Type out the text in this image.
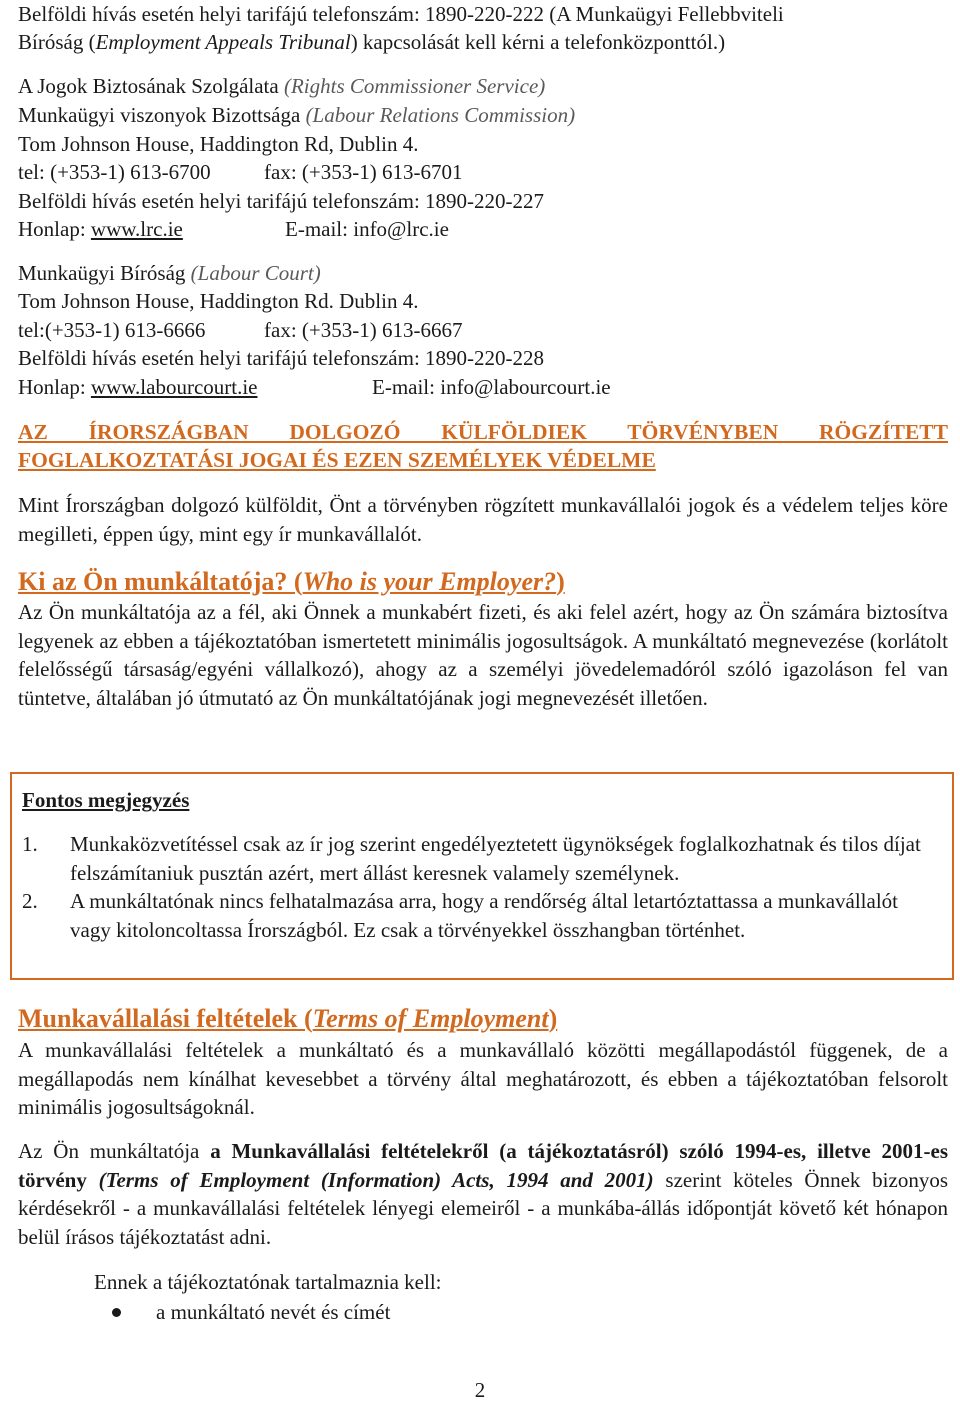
Belföldi hívás esetén helyi tarifájú telefonszám: 1890-220-222 (A Munkaügyi Fellebbviteli
Bíróság (Employment Appeals Tribunal) kapcsolását kell kérni a telefonközponttól.)
A Jogok Biztosának Szolgálata (Rights Commissioner Service)
Munkaügyi viszonyok Bizottsága (Labour Relations Commission)
Tom Johnson House, Haddington Rd, Dublin 4.
tel: (+353-1) 613-6700	fax: (+353-1) 613-6701
Belföldi hívás esetén helyi tarifájú telefonszám: 1890-220-227
Honlap: www.lrc.ie	E-mail: info@lrc.ie
Munkaügyi Bíróság (Labour Court)
Tom Johnson House, Haddington Rd. Dublin 4.
tel:(+353-1) 613-6666	fax: (+353-1) 613-6667
Belföldi hívás esetén helyi tarifájú telefonszám: 1890-220-228
Honlap: www.labourcourt.ie	E-mail: info@labourcourt.ie
AZ ÍRORSZÁGBAN DOLGOZÓ KÜLFÖLDIEK TÖRVÉNYBEN RÖGZÍTETT FOGLALKOZTATÁSI JOGAI ÉS EZEN SZEMÉLYEK VÉDELME
Mint Írországban dolgozó külföldit, Önt a törvényben rögzített munkavállalói jogok és a védelem teljes köre megilleti, éppen úgy, mint egy ír munkavállalót.
Ki az Ön munkáltatója? (Who is your Employer?)
Az Ön munkáltatója az a fél, aki Önnek a munkabért fizeti, és aki felel azért, hogy az Ön számára biztosítva legyenek az ebben a tájékoztatóban ismertetett minimális jogosultságok. A munkáltató megnevezése (korlátolt felelősségű társaság/egyéni vállalkozó), ahogy az a személyi jövedelemadóról szóló igazoláson fel van tüntetve, általában jó útmutató az Ön munkáltatójának jogi megnevezését illetően.
Munkavállalási feltételek (Terms of Employment)
A munkavállalási feltételek a munkáltató és a munkavállaló közötti megállapodástól függenek, de a megállapodás nem kínálhat kevesebbet a törvény által meghatározott, és ebben a tájékoztatóban felsorolt minimális jogosultságoknál.
Az Ön munkáltatója a Munkavállalási feltételekről (a tájékoztatásról) szóló 1994-es, illetve 2001-es törvény (Terms of Employment (Information) Acts, 1994 and 2001) szerint köteles Önnek bizonyos kérdésekről - a munkavállalási feltételek lényegi elemeiről - a munkába-állás időpontját követő két hónapon belül írásos tájékoztatást adni.
Ennek a tájékoztatónak tartalmaznia kell:
a munkáltató nevét és címét
Fontos megjegyzés
1. Munkaközvetítéssel csak az ír jog szerint engedélyeztetett ügynökségek foglalkozhatnak és tilos díjat felszámítaniuk pusztán azért, mert állást keresnek valamely személynek.
2. A munkáltatónak nincs felhatalmazása arra, hogy a rendőrség által letartóztattassa a munkavállalót vagy kitoloncoltassa Írországból. Ez csak a törvényekkel összhangban történhet.
2
